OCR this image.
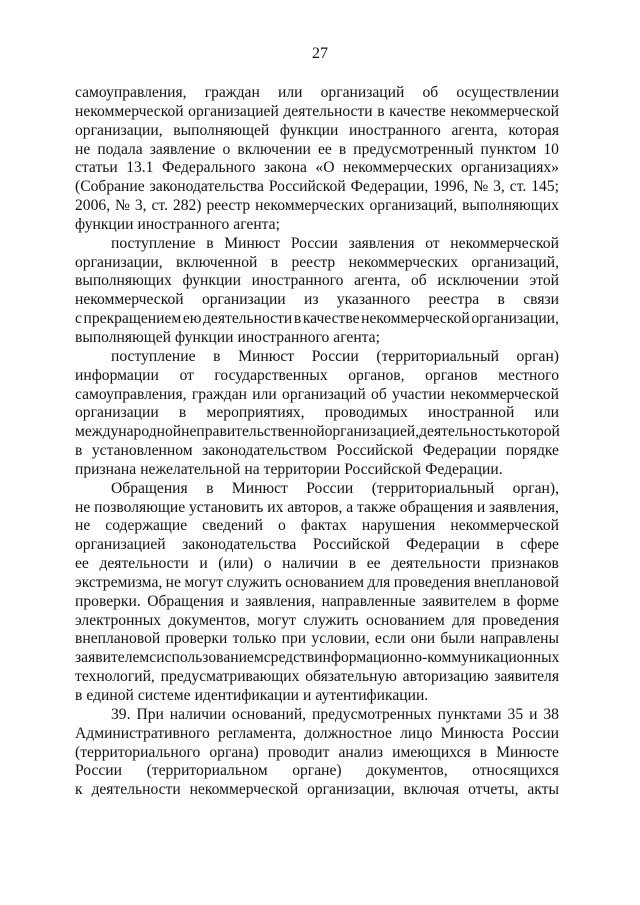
27
самоуправления, граждан или организаций об осуществлении
некоммерческой организацией деятельности в качестве некоммерческой
организации, выполняющей функции иностранного агента, которая
не подала заявление о включении ее в предусмотренный пунктом 10
статьи 13.1 Федерального закона «О некоммерческих организациях»
(Собрание законодательства Российской Федерации, 1996, № 3, ст. 145;
2006, № 3, ст. 282) реестр некоммерческих организаций, выполняющих
функции иностранного агента;
поступление в Минюст России заявления от некоммерческой
организации, включенной в реестр некоммерческих организаций,
выполняющих функции иностранного агента, об исключении этой
некоммерческой организации из указанного реестра в связи
с прекращением ею деятельности в качестве некоммерческой организации,
выполняющей функции иностранного агента;
поступление в Минюст России (территориальный орган)
информации от государственных органов, органов местного
самоуправления, граждан или организаций об участии некоммерческой
организации в мероприятиях, проводимых иностранной или
международной неправительственной организацией, деятельность которой
в установленном законодательством Российской Федерации порядке
признана нежелательной на территории Российской Федерации.
Обращения в Минюст России (территориальный орган),
не позволяющие установить их авторов, а также обращения и заявления,
не содержащие сведений о фактах нарушения некоммерческой
организацией законодательства Российской Федерации в сфере
ее деятельности и (или) о наличии в ее деятельности признаков
экстремизма, не могут служить основанием для проведения внеплановой
проверки. Обращения и заявления, направленные заявителем в форме
электронных документов, могут служить основанием для проведения
внеплановой проверки только при условии, если они были направлены
заявителем с использованием средств информационно-коммуникационных
технологий, предусматривающих обязательную авторизацию заявителя
в единой системе идентификации и аутентификации.
39. При наличии оснований, предусмотренных пунктами 35 и 38
Административного регламента, должностное лицо Минюста России
(территориального органа) проводит анализ имеющихся в Минюсте
России (территориальном органе) документов, относящихся
к деятельности некоммерческой организации, включая отчеты, акты
